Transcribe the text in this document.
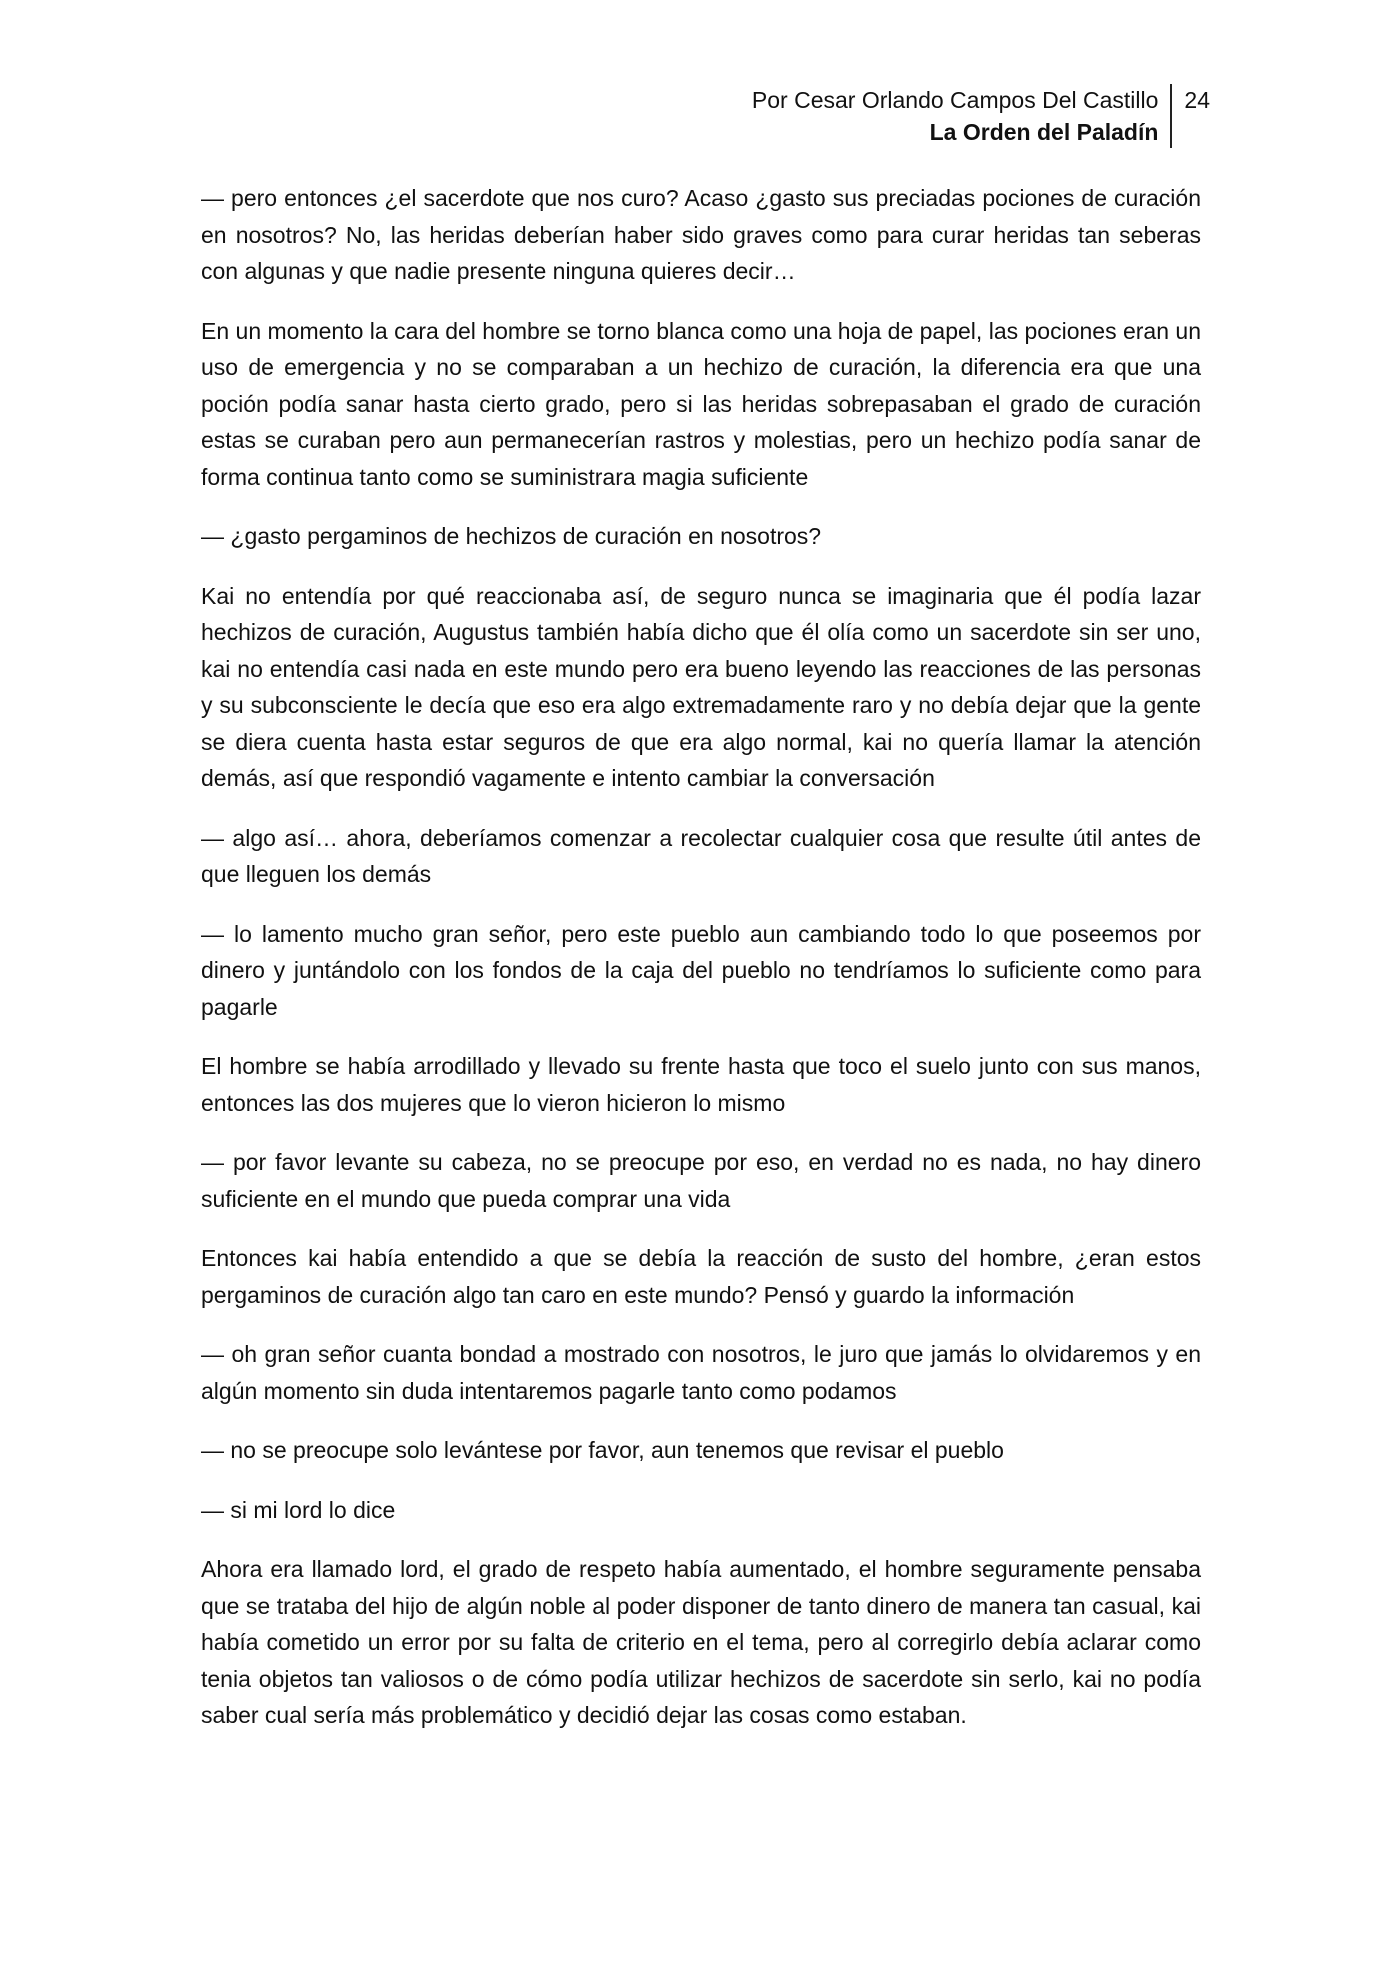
Por Cesar Orlando Campos Del Castillo
La Orden del Paladín
24

— pero entonces ¿el sacerdote que nos curo? Acaso ¿gasto sus preciadas pociones de curación en nosotros? No, las heridas deberían haber sido graves como para curar heridas tan seberas con algunas y que nadie presente ninguna quieres decir…

En un momento la cara del hombre se torno blanca como una hoja de papel, las pociones eran un uso de emergencia y no se comparaban a un hechizo de curación, la diferencia era que una poción podía sanar hasta cierto grado, pero si las heridas sobrepasaban el grado de curación estas se curaban pero aun permanecerían rastros y molestias, pero un hechizo podía sanar de forma continua tanto como se suministrara magia suficiente

— ¿gasto pergaminos de hechizos de curación en nosotros?

Kai no entendía por qué reaccionaba así, de seguro nunca se imaginaria que él podía lazar hechizos de curación, Augustus también había dicho que él olía como un sacerdote sin ser uno, kai no entendía casi nada en este mundo pero era bueno leyendo las reacciones de las personas y su subconsciente le decía que eso era algo extremadamente raro y no debía dejar que la gente se diera cuenta hasta estar seguros de que era algo normal, kai no quería llamar la atención demás, así que respondió vagamente e intento cambiar la conversación

— algo así… ahora, deberíamos comenzar a recolectar cualquier cosa que resulte útil antes de que lleguen los demás

— lo lamento mucho gran señor, pero este pueblo aun cambiando todo lo que poseemos por dinero y juntándolo con los fondos de la caja del pueblo no tendríamos lo suficiente como para pagarle

El hombre se había arrodillado y llevado su frente hasta que toco el suelo junto con sus manos, entonces las dos mujeres que lo vieron hicieron lo mismo

— por favor levante su cabeza, no se preocupe por eso, en verdad no es nada, no hay dinero suficiente en el mundo que pueda comprar una vida

Entonces kai había entendido a que se debía la reacción de susto del hombre, ¿eran estos pergaminos de curación algo tan caro en este mundo? Pensó y guardo la información

— oh gran señor cuanta bondad a mostrado con nosotros, le juro que jamás lo olvidaremos y en algún momento sin duda intentaremos pagarle tanto como podamos

— no se preocupe solo levántese por favor, aun tenemos que revisar el pueblo

— si mi lord lo dice

Ahora era llamado lord, el grado de respeto había aumentado, el hombre seguramente pensaba que se trataba del hijo de algún noble al poder disponer de tanto dinero de manera tan casual, kai había cometido un error por su falta de criterio en el tema, pero al corregirlo debía aclarar como tenia objetos tan valiosos o de cómo podía utilizar hechizos de sacerdote sin serlo, kai no podía saber cual sería más problemático y decidió dejar las cosas como estaban.
